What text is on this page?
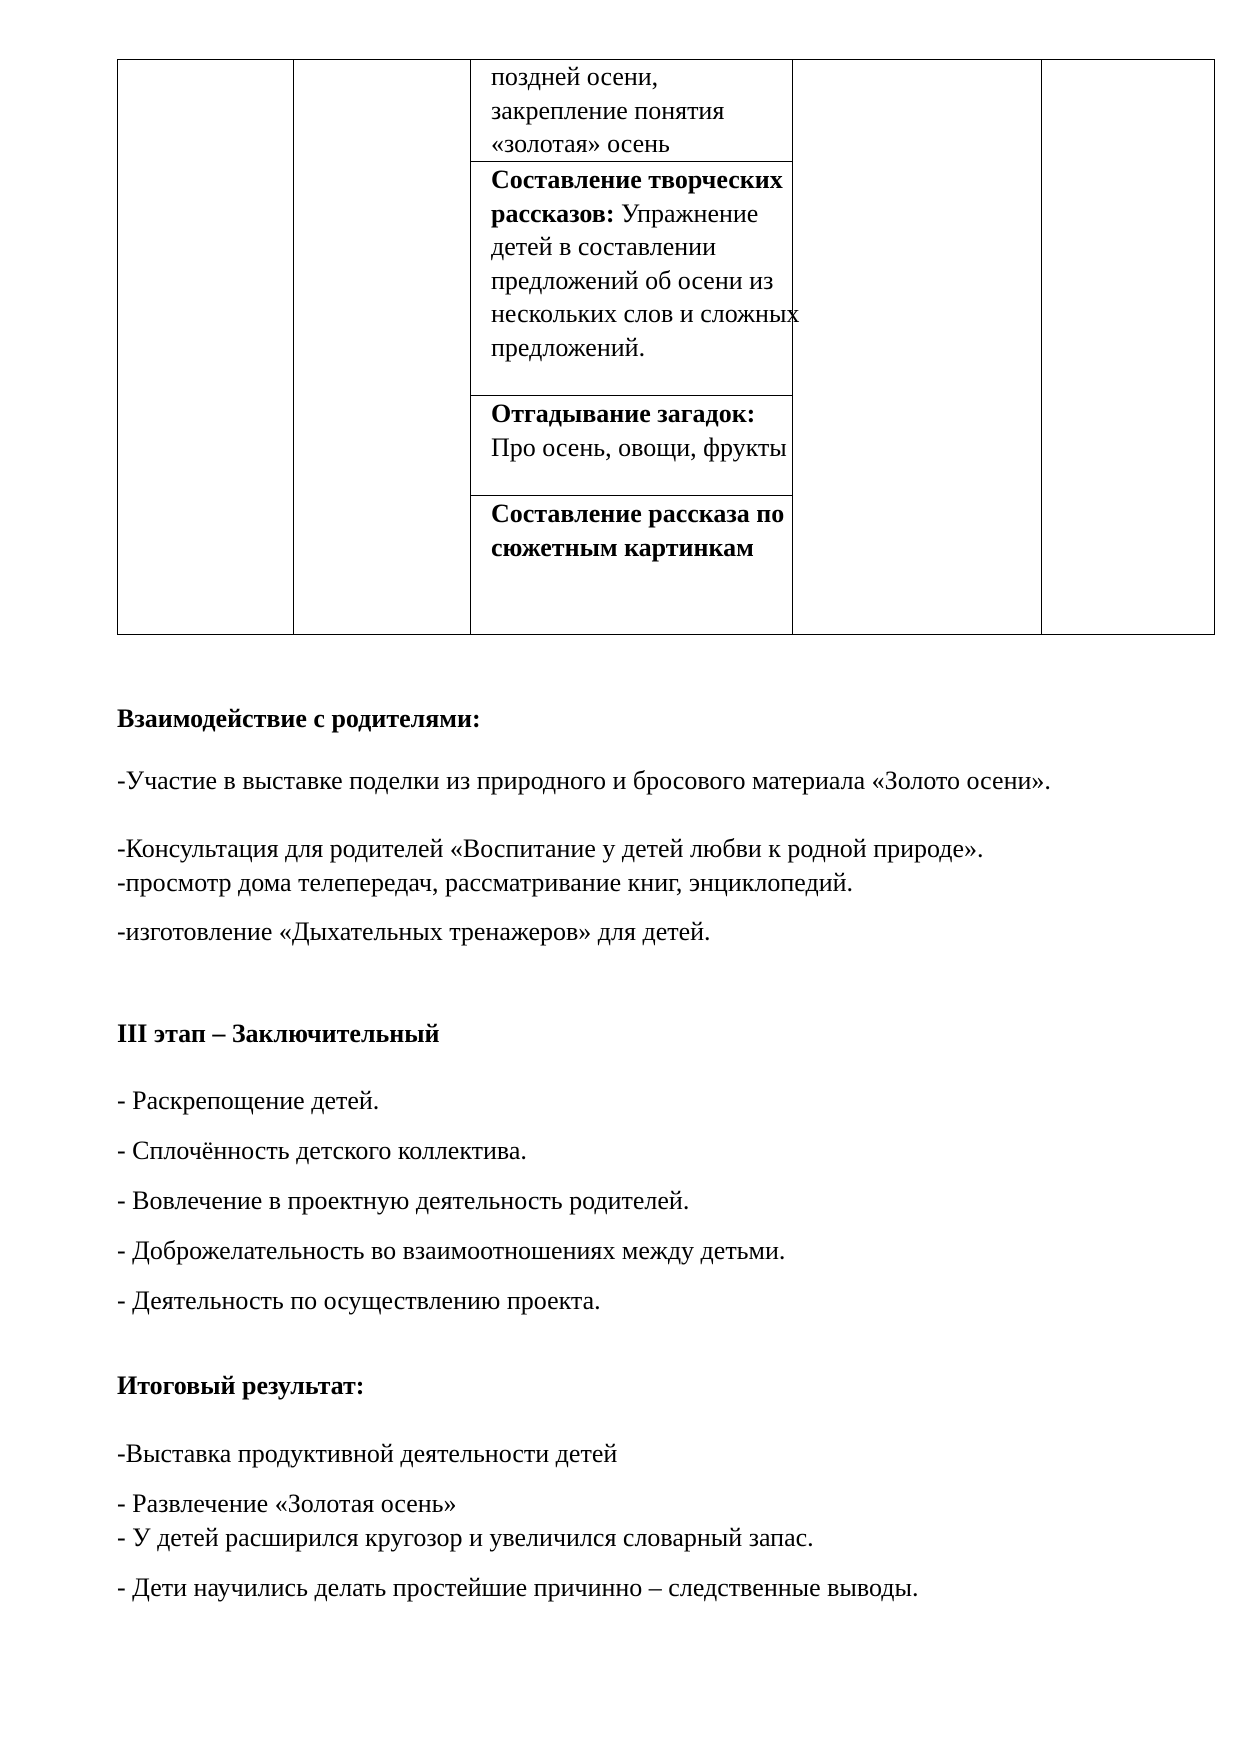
поздней осени, закрепление понятия «золотая» осень
Составление творческих рассказов: Упражнение детей в составлении предложений об осени из нескольких слов и сложных предложений.
Отгадывание загадок:
Про осень, овощи, фрукты
Составление рассказа по сюжетным картинкам
Взаимодействие с родителями:
-Участие в выставке поделки из природного и бросового материала «Золото осени».
-Консультация для родителей «Воспитание у детей любви к родной природе».
-просмотр дома телепередач, рассматривание книг, энциклопедий.
-изготовление «Дыхательных тренажеров» для детей.
III этап – Заключительный
- Раскрепощение детей.
- Сплочённость детского коллектива.
- Вовлечение в проектную деятельность родителей.
- Доброжелательность во взаимоотношениях между детьми.
- Деятельность по осуществлению проекта.
Итоговый результат:
-Выставка продуктивной деятельности детей
- Развлечение «Золотая осень»
- У детей расширился кругозор и увеличился словарный запас.
- Дети научились делать простейшие причинно – следственные выводы.
